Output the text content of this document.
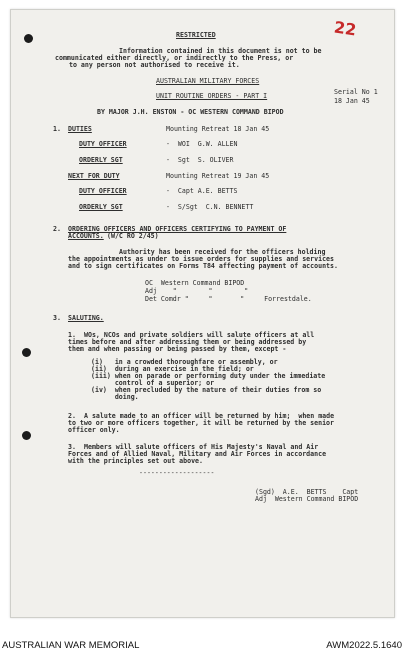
22
RESTRICTED
Information contained in this document is not to be
communicated either directly, or indirectly to the Press, or
to any person not authorised to receive it.
AUSTRALIAN MILITARY FORCES
UNIT ROUTINE ORDERS - PART I	Serial No 1
18 Jan 45
BY MAJOR J.H. ENSTON - OC WESTERN COMMAND BIPOD
1. DUTIES	Mounting Retreat 18 Jan 45
DUTY OFFICER	-  WOI  G.W. ALLEN
ORDERLY SGT	-  Sgt  S. OLIVER
NEXT FOR DUTY	Mounting Retreat 19 Jan 45
DUTY OFFICER	-  Capt A.E. BETTS
ORDERLY SGT	-  S/Sgt  C.N. BENNETT
2. ORDERING OFFICERS AND OFFICERS CERTIFYING TO PAYMENT OF
ACCOUNTS. (W/C RO 2/45)
Authority has been received for the officers holding
the appointments as under to issue orders for supplies and services
and to sign certificates on Forms T84 affecting payment of accounts.
OC  Western Command BIPOD
Adj    "        "        "
Det Comdr "     "       "     Forrestdale.
3. SALUTING.
1. WOs, NCOs and private soldiers will salute officers at all
times before and after addressing them or being addressed by
them and when passing or being passed by them, except -
(i)   in a crowded thoroughfare or assembly, or
(ii)  during an exercise in the field; or
(iii) when on parade or performing duty under the immediate
control of a superior; or
(iv)  when precluded by the nature of their duties from so
doing.
2. A salute made to an officer will be returned by him;  when made
to two or more officers together, it will be returned by the senior
officer only.
3. Members will salute officers of His Majesty's Naval and Air
Forces and of Allied Naval, Military and Air Forces in accordance
with the principles set out above.
-------------------
(Sgd)  A.E.  BETTS    Capt
Adj  Western Command BIPOD
AUSTRALIAN WAR MEMORIAL	AWM2022.5.1640
